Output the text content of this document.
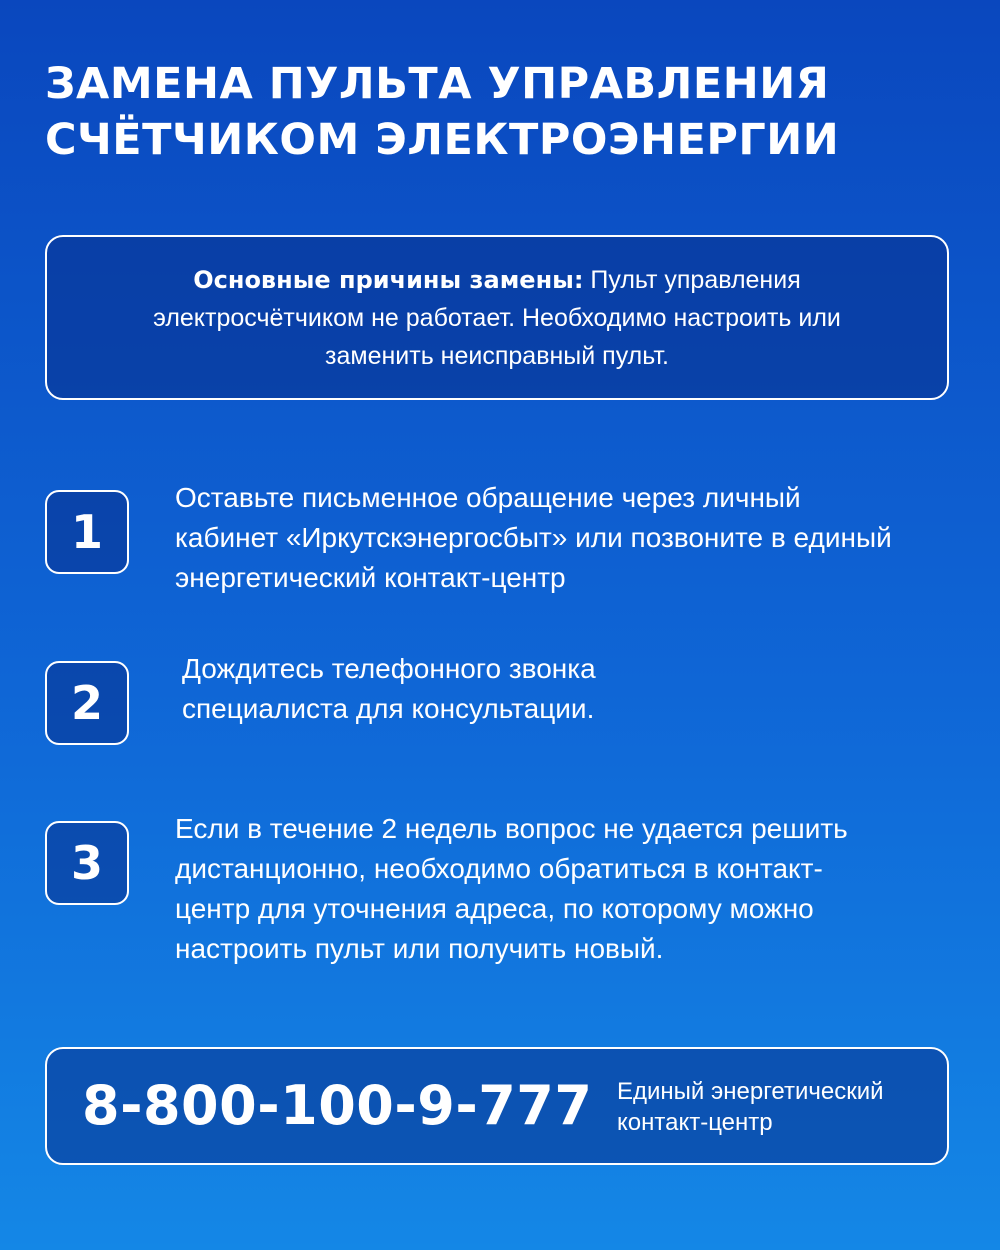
ЗАМЕНА ПУЛЬТА УПРАВЛЕНИЯ
СЧЁТЧИКОМ ЭЛЕКТРОЭНЕРГИИ
Основные причины замены: Пульт управления электросчётчиком не работает. Необходимо настроить или заменить неисправный пульт.
1
Оставьте письменное обращение через личный кабинет «Иркутскэнергосбыт» или позвоните в единый энергетический контакт-центр
2
Дождитесь телефонного звонка специалиста для консультации.
3
Если в течение 2 недель вопрос не удается решить дистанционно, необходимо обратиться в контакт-центр для уточнения адреса, по которому можно настроить пульт или получить новый.
8-800-100-9-777 Единый энергетический контакт-центр
